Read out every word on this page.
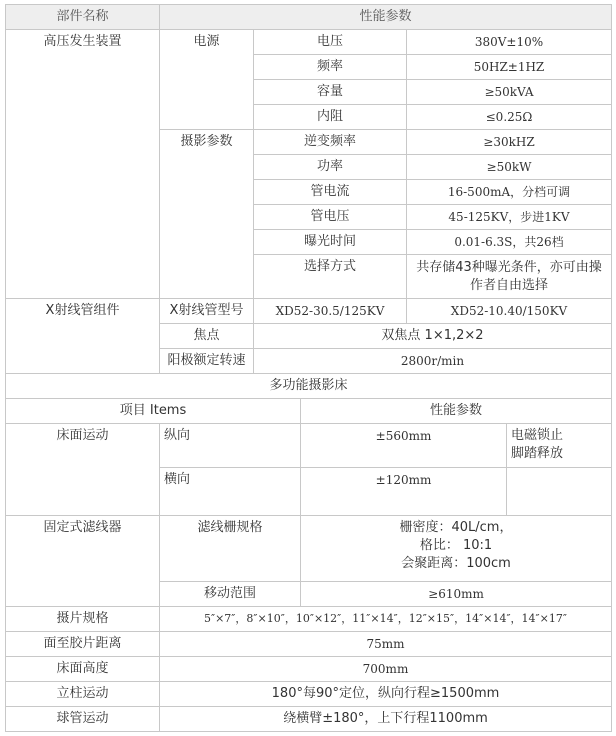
部件名称	性能参数				
高压发生装置	电源	电压		380V±10%	
		频率		50HZ±1HZ	
		容量		≥50kVA	
		内阻		≤0.25Ω	
	摄影参数	逆变频率		≥30kHZ	
		功率		≥50kW	
		管电流		16-500mA，分档可调	
		管电压		45-125KV，步进1KV	
		曝光时间		0.01-6.3S，共26档	
		选择方式		共存储43种曝光条件，亦可由操
作者自由选择	

X射线管组件	X射线管型号	XD52-30.5/125KV		XD52-10.40/150KV	
	焦点	双焦点 1×1,2×2			
	阳极额定转速	2800r/min			
多功能摄影床					
项目 Items			性能参数		
床面运动	纵向		±560mm		电磁锁止
脚踏释放

	横向		±120mm		
固定式滤线器	滤线栅规格		栅密度：40L/cm，
格比： 10:1
会聚距离：100cm		

	移动范围		≥610mm		
摄片规格	5″×7″，8″×10″，10″×12″，11″×14″，12″×15″，14″×14″，14″×17″				
面至胶片距离	75mm				
床面高度	700mm				
立柱运动	180°每90°定位，纵向行程≥1500mm				
球管运动	绕横臂±180°，上下行程1100mm				
